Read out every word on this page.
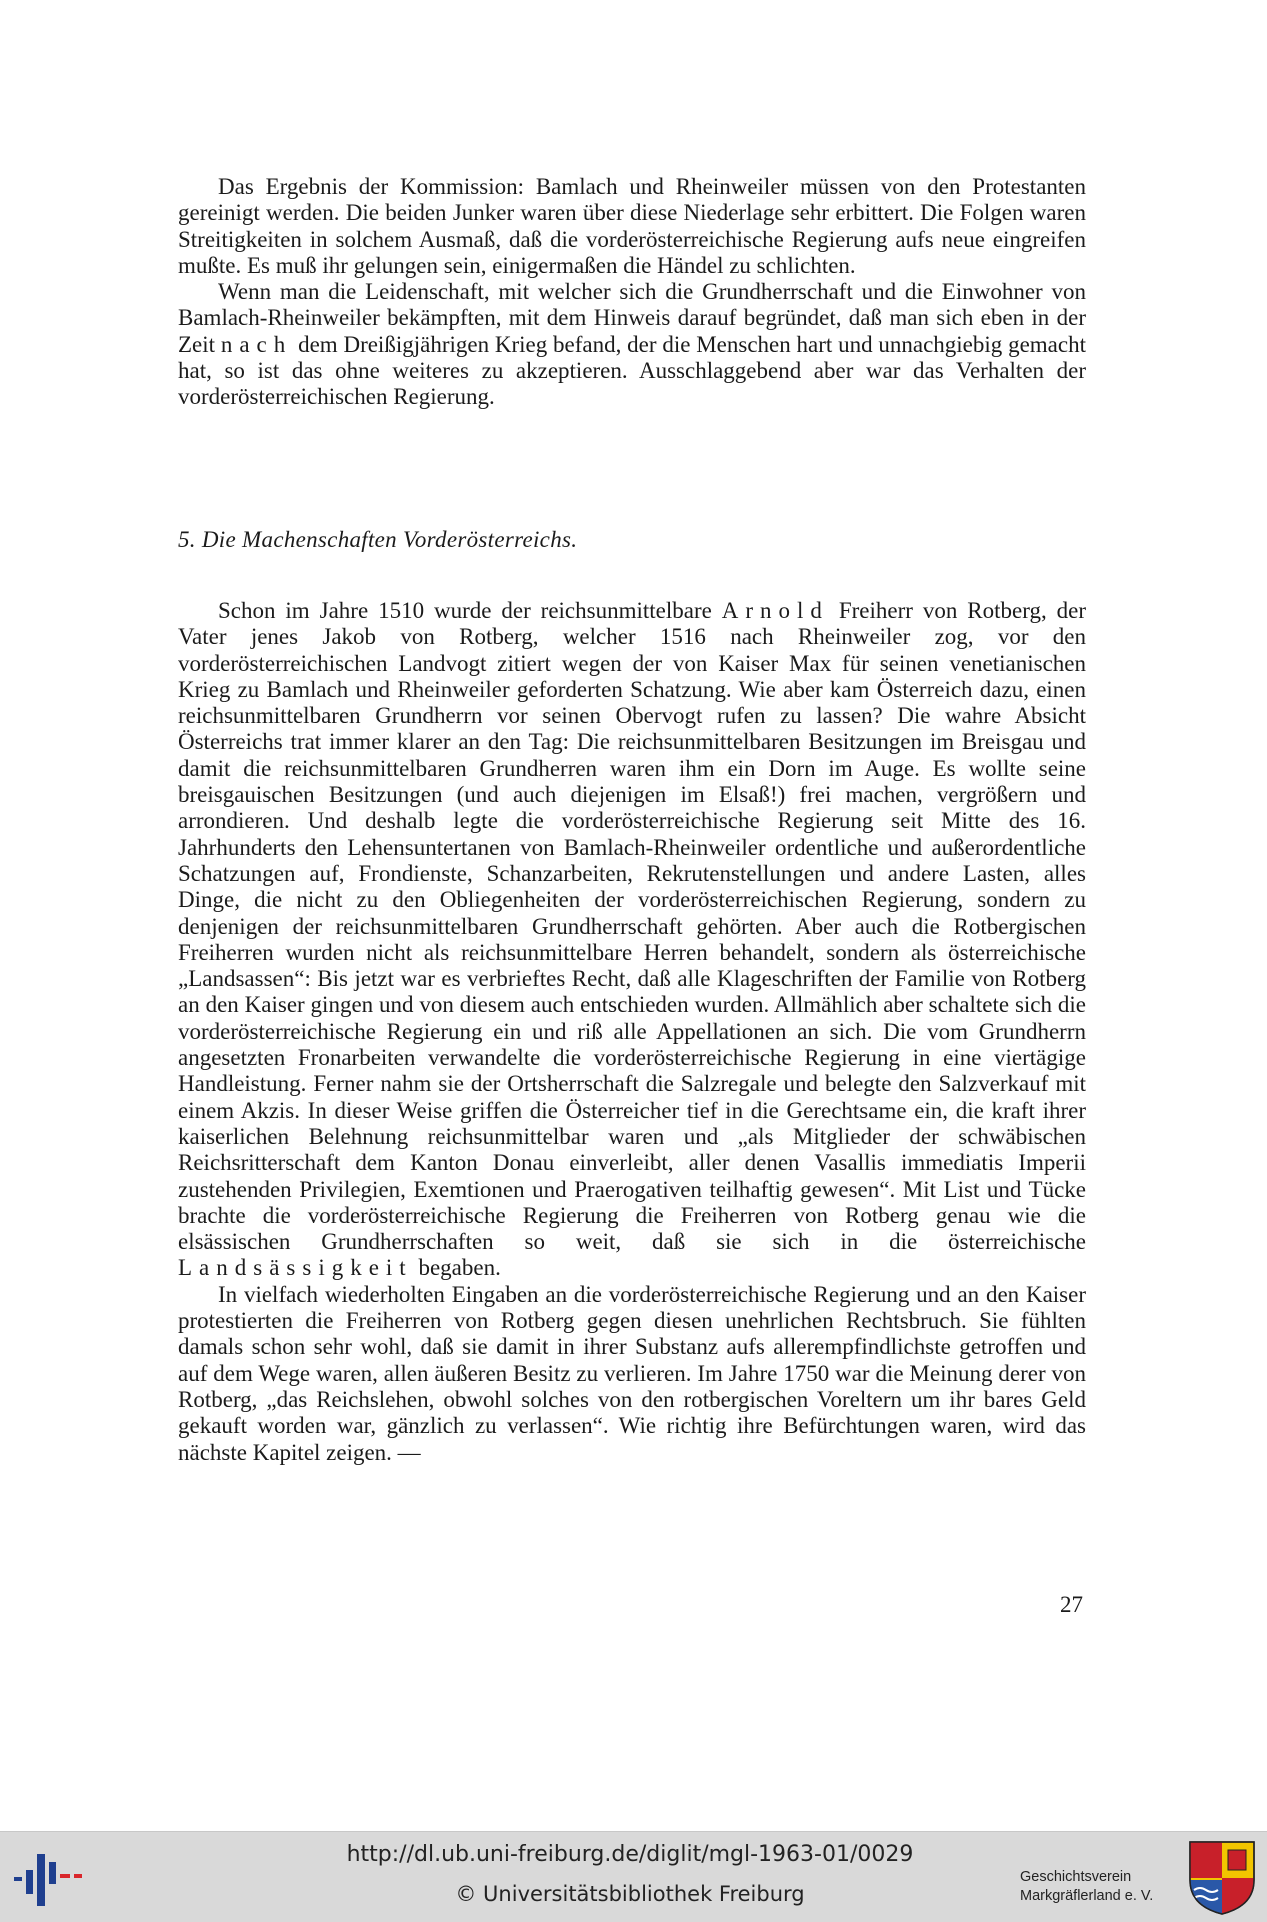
Das Ergebnis der Kommission: Bamlach und Rheinweiler müssen von den Protestanten gereinigt werden. Die beiden Junker waren über diese Niederlage sehr erbittert. Die Folgen waren Streitigkeiten in solchem Ausmaß, daß die vorderösterreichische Regierung aufs neue eingreifen mußte. Es muß ihr gelungen sein, einigermaßen die Händel zu schlichten.

Wenn man die Leidenschaft, mit welcher sich die Grundherrschaft und die Einwohner von Bamlach-Rheinweiler bekämpften, mit dem Hinweis darauf begründet, daß man sich eben in der Zeit nach dem Dreißigjährigen Krieg befand, der die Menschen hart und unnachgiebig gemacht hat, so ist das ohne weiteres zu akzeptieren. Ausschlaggebend aber war das Verhalten der vorderösterreichischen Regierung.

5. Die Machenschaften Vorderösterreichs.

Schon im Jahre 1510 wurde der reichsunmittelbare Arnold Freiherr von Rotberg, der Vater jenes Jakob von Rotberg, welcher 1516 nach Rheinweiler zog, vor den vorderösterreichischen Landvogt zitiert wegen der von Kaiser Max für seinen venetianischen Krieg zu Bamlach und Rheinweiler geforderten Schatzung. Wie aber kam Österreich dazu, einen reichsunmittelbaren Grundherrn vor seinen Obervogt rufen zu lassen? Die wahre Absicht Österreichs trat immer klarer an den Tag: Die reichsunmittelbaren Besitzungen im Breisgau und damit die reichsunmittelbaren Grundherren waren ihm ein Dorn im Auge. Es wollte seine breisgauischen Besitzungen (und auch diejenigen im Elsaß!) frei machen, vergrößern und arrondieren. Und deshalb legte die vorderösterreichische Regierung seit Mitte des 16. Jahrhunderts den Lehensuntertanen von Bamlach-Rheinweiler ordentliche und außerordentliche Schatzungen auf, Frondienste, Schanzarbeiten, Rekrutenstellungen und andere Lasten, alles Dinge, die nicht zu den Obliegenheiten der vorderösterreichischen Regierung, sondern zu denjenigen der reichsunmittelbaren Grundherrschaft gehörten. Aber auch die Rotbergischen Freiherren wurden nicht als reichsunmittelbare Herren behandelt, sondern als österreichische „Landsassen“: Bis jetzt war es verbrieftes Recht, daß alle Klageschriften der Familie von Rotberg an den Kaiser gingen und von diesem auch entschieden wurden. Allmählich aber schaltete sich die vorderösterreichische Regierung ein und riß alle Appellationen an sich. Die vom Grundherrn angesetzten Fronarbeiten verwandelte die vorderösterreichische Regierung in eine viertägige Handleistung. Ferner nahm sie der Ortsherrschaft die Salzregale und belegte den Salzverkauf mit einem Akzis. In dieser Weise griffen die Österreicher tief in die Gerechtsame ein, die kraft ihrer kaiserlichen Belehnung reichsunmittelbar waren und „als Mitglieder der schwäbischen Reichsritterschaft dem Kanton Donau einverleibt, aller denen Vasallis immediatis Imperii zustehenden Privilegien, Exemtionen und Praerogativen teilhaftig gewesen“. Mit List und Tücke brachte die vorderösterreichische Regierung die Freiherren von Rotberg genau wie die elsässischen Grundherrschaften so weit, daß sie sich in die österreichische Landsässigkeit begaben.

In vielfach wiederholten Eingaben an die vorderösterreichische Regierung und an den Kaiser protestierten die Freiherren von Rotberg gegen diesen unehrlichen Rechtsbruch. Sie fühlten damals schon sehr wohl, daß sie damit in ihrer Substanz aufs allerempfindlichste getroffen und auf dem Wege waren, allen äußeren Besitz zu verlieren. Im Jahre 1750 war die Meinung derer von Rotberg, „das Reichslehen, obwohl solches von den rotbergischen Voreltern um ihr bares Geld gekauft worden war, gänzlich zu verlassen“. Wie richtig ihre Befürchtungen waren, wird das nächste Kapitel zeigen. —

27
http://dl.ub.uni-freiburg.de/diglit/mgl-1963-01/0029
© Universitätsbibliothek Freiburg
Geschichtsverein
Markgräflerland e. V.
